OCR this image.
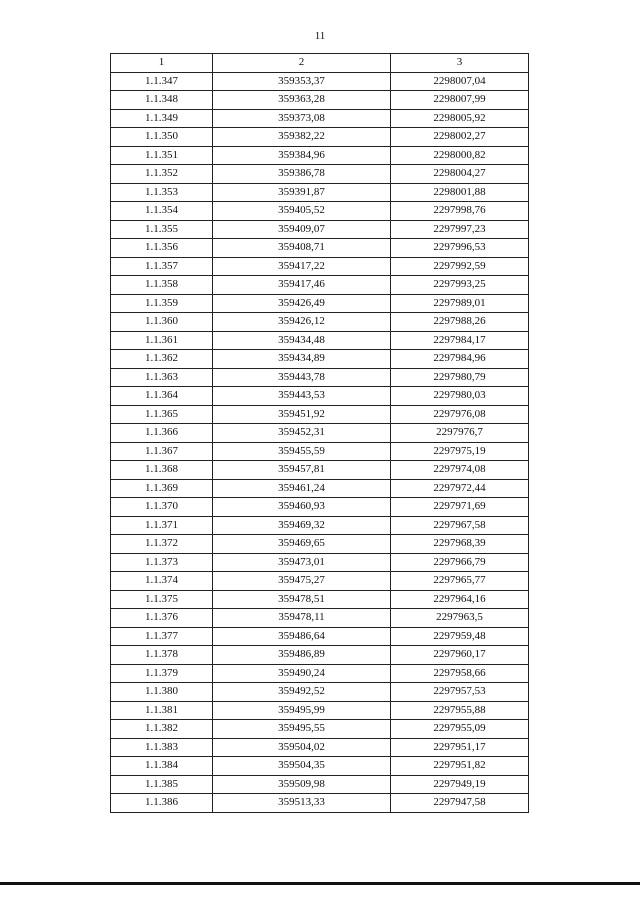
11
1	2	3
1.1.347	359353,37	2298007,04
1.1.348	359363,28	2298007,99
1.1.349	359373,08	2298005,92
1.1.350	359382,22	2298002,27
1.1.351	359384,96	2298000,82
1.1.352	359386,78	2298004,27
1.1.353	359391,87	2298001,88
1.1.354	359405,52	2297998,76
1.1.355	359409,07	2297997,23
1.1.356	359408,71	2297996,53
1.1.357	359417,22	2297992,59
1.1.358	359417,46	2297993,25
1.1.359	359426,49	2297989,01
1.1.360	359426,12	2297988,26
1.1.361	359434,48	2297984,17
1.1.362	359434,89	2297984,96
1.1.363	359443,78	2297980,79
1.1.364	359443,53	2297980,03
1.1.365	359451,92	2297976,08
1.1.366	359452,31	2297976,7
1.1.367	359455,59	2297975,19
1.1.368	359457,81	2297974,08
1.1.369	359461,24	2297972,44
1.1.370	359460,93	2297971,69
1.1.371	359469,32	2297967,58
1.1.372	359469,65	2297968,39
1.1.373	359473,01	2297966,79
1.1.374	359475,27	2297965,77
1.1.375	359478,51	2297964,16
1.1.376	359478,11	2297963,5
1.1.377	359486,64	2297959,48
1.1.378	359486,89	2297960,17
1.1.379	359490,24	2297958,66
1.1.380	359492,52	2297957,53
1.1.381	359495,99	2297955,88
1.1.382	359495,55	2297955,09
1.1.383	359504,02	2297951,17
1.1.384	359504,35	2297951,82
1.1.385	359509,98	2297949,19
1.1.386	359513,33	2297947,58
